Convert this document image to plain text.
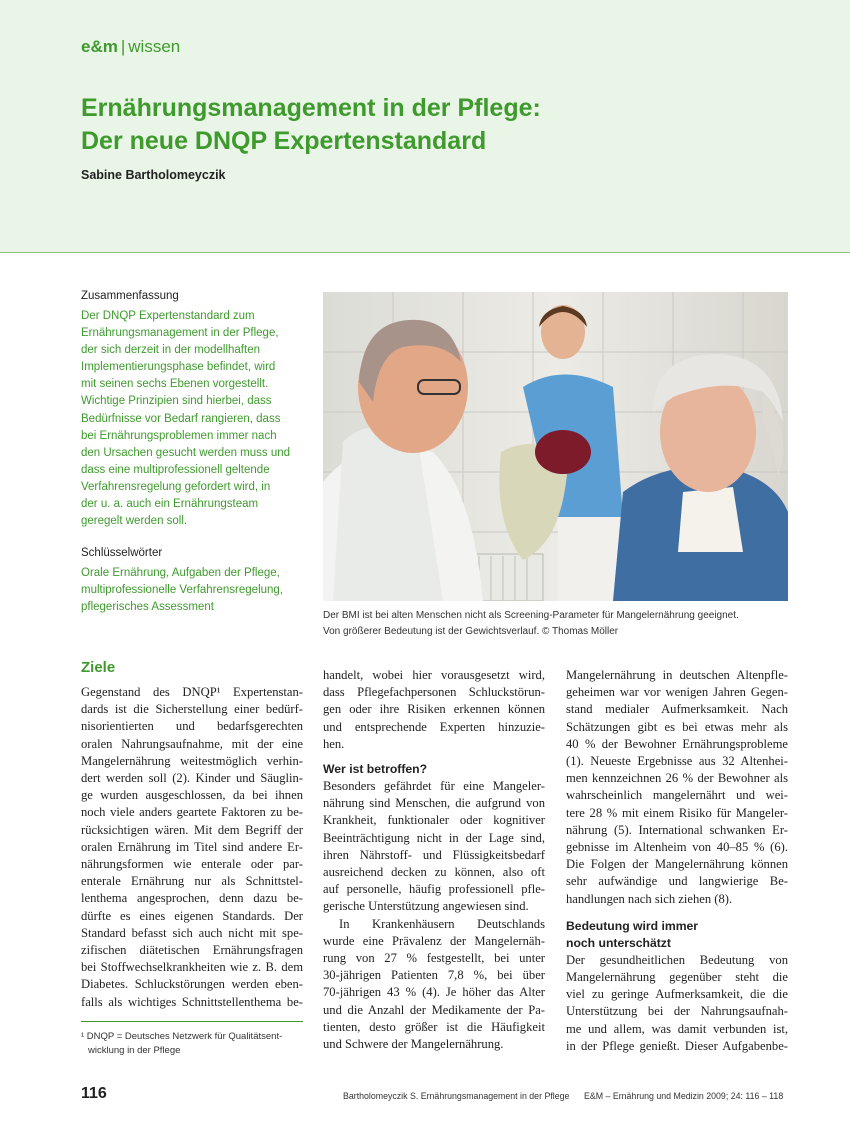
e&m | wissen
Ernährungsmanagement in der Pflege:
Der neue DNQP Expertenstandard
Sabine Bartholomeyczik
Zusammenfassung
Der DNQP Expertenstandard zum
Ernährungsmanagement in der Pflege,
der sich derzeit in der modellhaften
Implementierungsphase befindet, wird
mit seinen sechs Ebenen vorgestellt.
Wichtige Prinzipien sind hierbei, dass
Bedürfnisse vor Bedarf rangieren, dass
bei Ernährungsproblemen immer nach
den Ursachen gesucht werden muss und
dass eine multiprofessionell geltende
Verfahrensregelung gefordert wird, in
der u. a. auch ein Ernährungsteam
geregelt werden soll.
Schlüsselwörter
Orale Ernährung, Aufgaben der Pflege,
multiprofessionelle Verfahrensregelung,
pflegerisches Assessment
Der BMI ist bei alten Menschen nicht als Screening-Parameter für Mangelernährung geeignet.
Von größerer Bedeutung ist der Gewichtsverlauf. © Thomas Möller
Ziele
Gegenstand des DNQP¹ Expertenstan-
dards ist die Sicherstellung einer bedürf-
nisorientierten und bedarfsgerechten
oralen Nahrungsaufnahme, mit der eine
Mangelernährung weitestmöglich verhin-
dert werden soll (2). Kinder und Säuglin-
ge wurden ausgeschlossen, da bei ihnen
noch viele anders geartete Faktoren zu be-
rücksichtigen wären. Mit dem Begriff der
oralen Ernährung im Titel sind andere Er-
nährungsformen wie enterale oder par-
enterale Ernährung nur als Schnittstel-
lenthema angesprochen, denn dazu be-
dürfte es eines eigenen Standards. Der
Standard befasst sich auch nicht mit spe-
zifischen diätetischen Ernährungsfragen
bei Stoffwechselkrankheiten wie z. B. dem
Diabetes. Schluckstörungen werden eben-
falls als wichtiges Schnittstellenthema be-
¹ DNQP = Deutsches Netzwerk für Qualitätsent-
wicklung in der Pflege
handelt, wobei hier vorausgesetzt wird,
dass Pflegefachpersonen Schluckstörun-
gen oder ihre Risiken erkennen können
und entsprechende Experten hinzuzie-
hen.
Wer ist betroffen?
Besonders gefährdet für eine Mangeler-
nährung sind Menschen, die aufgrund von
Krankheit, funktionaler oder kognitiver
Beeinträchtigung nicht in der Lage sind,
ihren Nährstoff- und Flüssigkeitsbedarf
ausreichend decken zu können, also oft
auf personelle, häufig professionell pfle-
gerische Unterstützung angewiesen sind.
In Krankenhäusern Deutschlands
wurde eine Prävalenz der Mangelernäh-
rung von 27 % festgestellt, bei unter
30-jährigen Patienten 7,8 %, bei über
70-jährigen 43 % (4). Je höher das Alter
und die Anzahl der Medikamente der Pa-
tienten, desto größer ist die Häufigkeit
und Schwere der Mangelernährung.
Mangelernährung in deutschen Altenpfle-
geheimen war vor wenigen Jahren Gegen-
stand medialer Aufmerksamkeit. Nach
Schätzungen gibt es bei etwas mehr als
40 % der Bewohner Ernährungsprobleme
(1). Neueste Ergebnisse aus 32 Altenhei-
men kennzeichnen 26 % der Bewohner als
wahrscheinlich mangelernährt und wei-
tere 28 % mit einem Risiko für Mangeler-
nährung (5). International schwanken Er-
gebnisse im Altenheim von 40–85 % (6).
Die Folgen der Mangelernährung können
sehr aufwändige und langwierige Be-
handlungen nach sich ziehen (8).
Bedeutung wird immer
noch unterschätzt
Der gesundheitlichen Bedeutung von
Mangelernährung gegenüber steht die
viel zu geringe Aufmerksamkeit, die die
Unterstützung bei der Nahrungsaufnah-
me und allem, was damit verbunden ist,
in der Pflege genießt. Dieser Aufgabenbe-
116	Bartholomeyczik S. Ernährungsmanagement in der Pflege E&M – Ernährung und Medizin 2009; 24: 116 – 118
